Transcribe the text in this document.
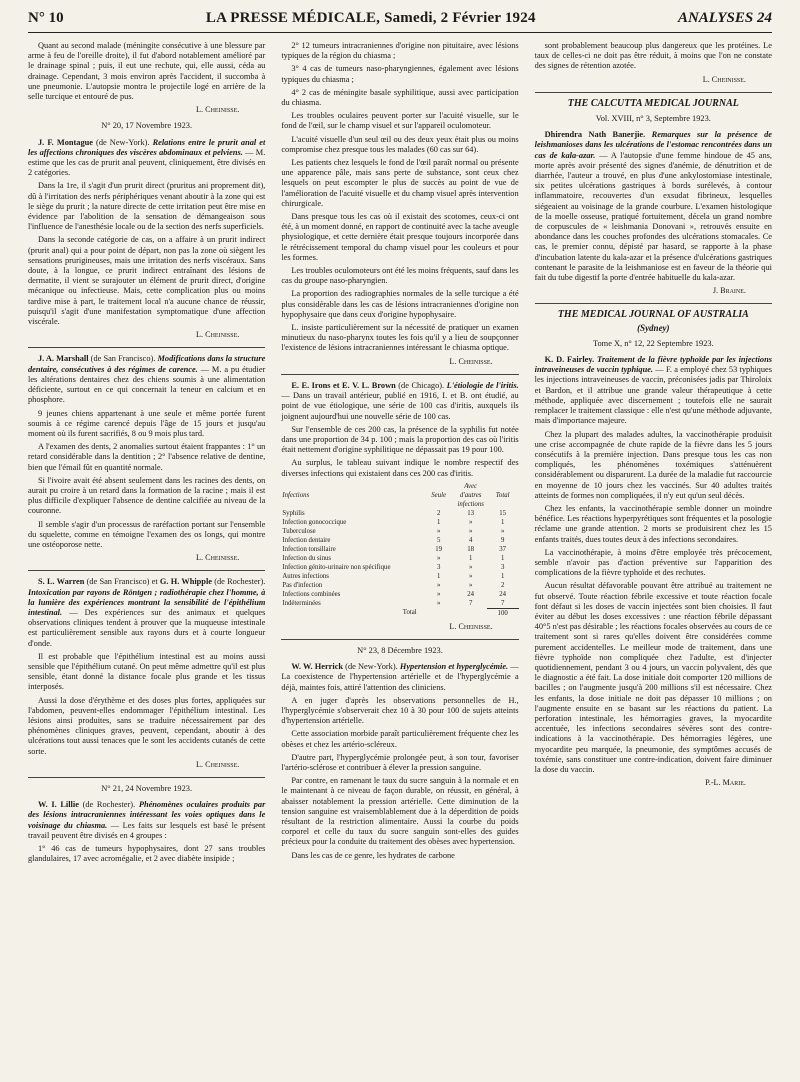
N° 10	LA PRESSE MÉDICALE, Samedi, 2 Février 1924	ANALYSES 24

Quant au second malade (méningite consécutive à une blessure par arme à feu de l'oreille droite), il fut d'abord notablement amélioré par le drainage spinal ; puis, il eut une rechute, qui, elle aussi, céda au drainage. Cependant, 3 mois environ après l'accident, il succomba à une pneumonie. L'autopsie montra le projectile logé en arrière de la selle turcique et entouré de pus.

L. Cheinisse.
N° 20, 17 Novembre 1923.

J. F. Montague (de New-York). Relations entre le prurit anal et les affections chroniques des viscères abdominaux et pelviens. — M. estime que les cas de prurit anal peuvent, cliniquement, être divisés en 2 catégories.

Dans la 1re, il s'agit d'un prurit direct (pruritus ani proprement dit), dû à l'irritation des nerfs périphériques venant aboutir à la zone qui est le siège du prurit ; la nature directe de cette irritation peut être mise en évidence par l'abolition de la sensation de démangeaison sous l'influence de l'anesthésie locale ou de la section des nerfs superficiels.

Dans la seconde catégorie de cas, on a affaire à un prurit indirect (prurit anal) qui a pour point de départ, non pas la zone où siègent les sensations prurigineuses, mais une irritation des nerfs viscéraux. Sans doute, à la longue, ce prurit indirect entraînant des lésions de dermatite, il vient se surajouter un élément de prurit direct, d'origine mécanique ou infectieuse. Mais, cette complication plus ou moins tardive mise à part, le traitement local n'a aucune chance de réussir, puisqu'il s'agit d'une manifestation symptomatique d'une affection viscérale.

L. Cheinisse.

J. A. Marshall (de San Francisco). Modifications dans la structure dentaire, consécutives à des régimes de carence. — M. a pu étudier les altérations dentaires chez des chiens soumis à une alimentation déficiente, surtout en ce qui concernait la teneur en calcium et en phosphore.

9 jeunes chiens appartenant à une seule et même portée furent soumis à ce régime carencé depuis l'âge de 15 jours et jusqu'au moment où ils furent sacrifiés, 8 ou 9 mois plus tard.

A l'examen des dents, 2 anomalies surtout étaient frappantes : 1° un retard considérable dans la dentition ; 2° l'absence relative de dentine, bien que l'émail fût en quantité normale.

Si l'ivoire avait été absent seulement dans les racines des dents, on aurait pu croire à un retard dans la formation de la racine ; mais il est plus difficile d'expliquer l'absence de dentine calcifiée au niveau de la couronne.

Il semble s'agir d'un processus de raréfaction portant sur l'ensemble du squelette, comme en témoigne l'examen des os longs, qui montre une ostéoporose nette.

L. Cheinisse.

S. L. Warren (de San Francisco) et G. H. Whipple (de Rochester). Intoxication par rayons de Röntgen ; radiothérapie chez l'homme, à la lumière des expériences montrant la sensibilité de l'épithélium intestinal. — Des expériences sur des animaux et quelques observations cliniques tendent à prouver que la muqueuse intestinale est particulièrement sensible aux rayons durs et à courte longueur d'onde.

Il est probable que l'épithélium intestinal est au moins aussi sensible que l'épithélium cutané. On peut même admettre qu'il est plus sensible, étant donné la distance focale plus grande et les tissus interposés.

Aussi la dose d'érythème et des doses plus fortes, appliquées sur l'abdomen, peuvent-elles endommager l'épithélium intestinal. Les lésions ainsi produites, sans se traduire nécessairement par des phénomènes cliniques graves, peuvent, cependant, aboutir à des ulcérations tout aussi tenaces que le sont les accidents cutanés de cette sorte.

L. Cheinisse.
N° 21, 24 Novembre 1923.

W. I. Lillie (de Rochester). Phénomènes oculaires produits par des lésions intracraniennes intéressant les voies optiques dans le voisinage du chiasma. — Les faits sur lesquels est basé le présent travail peuvent être divisés en 4 groupes :

1° 46 cas de tumeurs hypophysaires, dont 27 sans troubles glandulaires, 17 avec acromégalie, et 2 avec diabète insipide ;

2° 12 tumeurs intracraniennes d'origine non pituitaire, avec lésions typiques de la région du chiasma ;

3° 4 cas de tumeurs naso-pharyngiennes, également avec lésions typiques du chiasma ;

4° 2 cas de méningite basale syphilitique, aussi avec participation du chiasma.

Les troubles oculaires peuvent porter sur l'acuité visuelle, sur le fond de l'œil, sur le champ visuel et sur l'appareil oculomoteur.

L'acuité visuelle d'un seul œil ou des deux yeux était plus ou moins compromise chez presque tous les malades (60 cas sur 64).

Les patients chez lesquels le fond de l'œil paraît normal ou présente une apparence pâle, mais sans perte de substance, sont ceux chez lesquels on peut escompter le plus de succès au point de vue de l'amélioration de l'acuité visuelle et du champ visuel après intervention chirurgicale.

Dans presque tous les cas où il existait des scotomes, ceux-ci ont été, à un moment donné, en rapport de continuité avec la tache aveugle physiologique, et cette dernière était presque toujours incorporée dans le rétrécissement temporal du champ visuel pour les couleurs et pour les formes.

Les troubles oculomoteurs ont été les moins fréquents, sauf dans les cas du groupe naso-pharyngien.

La proportion des radiographies normales de la selle turcique a été plus considérable dans les cas de lésions intracraniennes d'origine non hypophysaire que dans ceux d'origine hypophysaire.

L. insiste particulièrement sur la nécessité de pratiquer un examen minutieux du naso-pharynx toutes les fois qu'il y a lieu de soupçonner l'existence de lésions intracraniennes intéressant le chiasma optique.

L. Cheinisse.

E. E. Irons et E. V. L. Brown (de Chicago). L'étiologie de l'iritis. — Dans un travail antérieur, publié en 1916, I. et B. ont étudié, au point de vue étiologique, une série de 100 cas d'iritis, auxquels ils joignent aujourd'hui une nouvelle série de 100 cas.

Sur l'ensemble de ces 200 cas, la présence de la syphilis fut notée dans une proportion de 34 p. 100 ; mais la proportion des cas où l'iritis était nettement d'origine syphilitique ne dépassait pas 19 pour 100.

Au surplus, le tableau suivant indique le nombre respectif des diverses infections qui existaient dans ces 200 cas d'iritis.

Infections	Seule	Avec d'autres infections	Total
Syphilis	2	13	15
Infection gonococcique	1	»	1
Tuberculose	»	»	»
Infection dentaire	5	4	9
Infection tonsillaire	19	18	37
Infection du sinus	»	1	1
Infection génito-urinaire non spécifique	3	»	3
Autres infections	1	»	1
Pas d'infection	»	»	2
Infections combinées	»	24	24
Indéterminées	»	7	7
Total			100
L. Cheinisse.
N° 23, 8 Décembre 1923.

W. W. Herrick (de New-York). Hypertension et hyperglycémie. — La coexistence de l'hypertension artérielle et de l'hyperglycémie a déjà, maintes fois, attiré l'attention des cliniciens.

A en juger d'après les observations personnelles de H., l'hyperglycémie s'observerait chez 10 à 30 pour 100 de sujets atteints d'hypertension artérielle.

Cette association morbide paraît particulièrement fréquente chez les obèses et chez les artério-scléreux.

D'autre part, l'hyperglycémie prolongée peut, à son tour, favoriser l'artério-sclérose et contribuer à élever la pression sanguine.

Par contre, en ramenant le taux du sucre sanguin à la normale et en le maintenant à ce niveau de façon durable, on réussit, en général, à abaisser notablement la pression artérielle. Cette diminution de la tension sanguine est vraisemblablement due à la déperdition de poids résultant de la restriction alimentaire. Aussi la courbe du poids corporel et celle du taux du sucre sanguin sont-elles des guides précieux pour la conduite du traitement des obèses avec hypertension.

Dans les cas de ce genre, les hydrates de carbone

sont probablement beaucoup plus dangereux que les protéines. Le taux de celles-ci ne doit pas être réduit, à moins que l'on ne constate des signes de rétention azotée.

L. Cheinisse.
THE CALCUTTA MEDICAL JOURNAL
Vol. XVIII, n° 3, Septembre 1923.

Dhirendra Nath Banerjie. Remarques sur la présence de leishmanioses dans les ulcérations de l'estomac rencontrées dans un cas de kala-azar. — A l'autopsie d'une femme hindoue de 45 ans, morte après avoir présenté des signes d'anémie, de dénutrition et de diarrhée, l'auteur a trouvé, en plus d'une ankylostomiase intestinale, six petites ulcérations gastriques à bords surélevés, à contour inflammatoire, recouvertes d'un exsudat fibrineux, lesquelles siégeaient au voisinage de la grande courbure. L'examen histologique de la moelle osseuse, pratiqué fortuitement, décela un grand nombre de corpuscules de « leishmania Donovani », retrouvés ensuite en abondance dans les couches profondes des ulcérations stomacales. Ce cas, le premier connu, dépisté par hasard, se rapporte à la phase d'incubation latente du kala-azar et la présence d'ulcérations gastriques contenant le parasite de la leishmaniose est en faveur de la théorie qui fait du tube digestif la porte d'entrée habituelle du kala-azar.

J. Braine.
THE MEDICAL JOURNAL OF AUSTRALIA
(Sydney)
Tome X, n° 12, 22 Septembre 1923.

K. D. Fairley. Traitement de la fièvre typhoïde par les injections intraveineuses de vaccin typhique. — F. a employé chez 53 typhiques les injections intraveineuses de vaccin, préconisées jadis par Thiroloix et Bardon, et il attribue une grande valeur thérapeutique à cette méthode, appliquée avec discernement ; toutefois elle ne saurait remplacer le traitement classique : elle n'est qu'une méthode adjuvante, mais d'importance majeure.

Chez la plupart des malades adultes, la vaccinothérapie produisit une crise accompagnée de chute rapide de la fièvre dans les 5 jours consécutifs à la première injection. Dans presque tous les cas non compliqués, les phénomènes toxémiques s'atténuèrent considérablement ou disparurent. La durée de la maladie fut raccourcie en moyenne de 10 jours chez les vaccinés. Sur 40 adultes traités atteints de formes non compliquées, il n'y eut qu'un seul décès.

Chez les enfants, la vaccinothérapie semble donner un moindre bénéfice. Les réactions hyperpyrétiques sont fréquentes et la posologie réclame une grande attention. 2 morts se produisirent chez les 15 enfants traités, dues toutes deux à des infections secondaires.

La vaccinothérapie, à moins d'être employée très précocement, semble n'avoir pas d'action préventive sur l'apparition des complications de la fièvre typhoïde et des rechutes.

Aucun résultat défavorable pouvant être attribué au traitement ne fut observé. Toute réaction fébrile excessive et toute réaction focale font défaut si les doses de vaccin injectées sont bien choisies. Il faut éviter au début les doses excessives : une réaction fébrile dépassant 40°5 n'est pas désirable ; les réactions focales observées au cours de ce traitement sont si rares qu'elles doivent être considérées comme purement accidentelles. Le meilleur mode de traitement, dans une fièvre typhoïde non compliquée chez l'adulte, est d'injecter quotidiennement, pendant 3 ou 4 jours, un vaccin polyvalent, dès que le diagnostic a été fait. La dose initiale doit comporter 120 millions de bacilles ; on l'augmente jusqu'à 200 millions s'il est nécessaire. Chez les enfants, la dose initiale ne doit pas dépasser 10 millions ; on l'augmente ensuite en se basant sur les réactions du patient. La perforation intestinale, les hémorragies graves, la myocardite accentuée, les infections secondaires sévères sont des contre-indications à la vaccinothérapie. Des hémorragies légères, une myocardite peu marquée, la pneumonie, des symptômes accusés de toxémie, sans constituer une contre-indication, doivent faire diminuer la dose du vaccin.

P.-L. Marie.
